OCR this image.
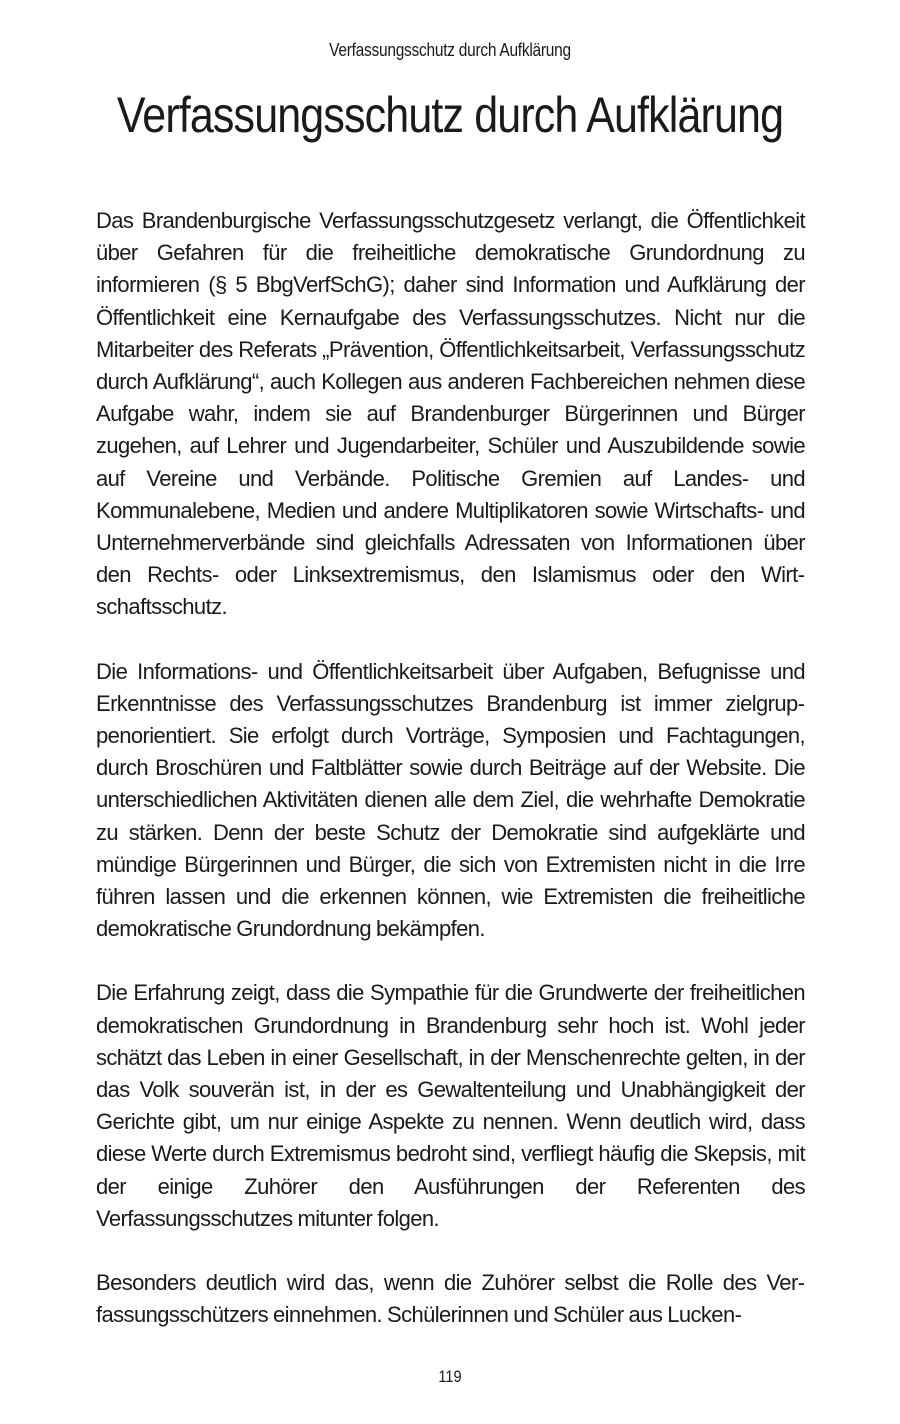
Verfassungsschutz durch Aufklärung
Verfassungsschutz durch Aufklärung

Das Brandenburgische Verfassungsschutzgesetz verlangt, die Öffentlichkeit über Gefahren für die freiheitliche demokratische Grundordnung zu informieren (§ 5 BbgVerfSchG); daher sind Information und Aufklärung der Öffentlichkeit eine Kernaufgabe des Verfassungsschutzes. Nicht nur die Mitarbeiter des Referats „Prävention, Öffentlichkeitsarbeit, Verfassungsschutz durch Aufklärung“, auch Kollegen aus anderen Fachbereichen nehmen diese Aufgabe wahr, indem sie auf Brandenburger Bürgerinnen und Bürger zugehen, auf Lehrer und Jugendarbeiter, Schüler und Auszubildende sowie auf Vereine und Verbände. Politische Gremien auf Landes- und Kommunalebene, Medien und andere Multiplikatoren sowie Wirtschafts- und Unternehmerverbände sind gleichfalls Adressaten von Informationen über den Rechts- oder Linksextremismus, den Islamismus oder den Wirtschaftsschutz.

Die Informations- und Öffentlichkeitsarbeit über Aufgaben, Befugnisse und Erkenntnisse des Verfassungsschutzes Brandenburg ist immer zielgruppenorientiert. Sie erfolgt durch Vorträge, Symposien und Fachtagungen, durch Broschüren und Faltblätter sowie durch Beiträge auf der Website. Die unterschiedlichen Aktivitäten dienen alle dem Ziel, die wehrhafte Demokratie zu stärken. Denn der beste Schutz der Demokratie sind aufgeklärte und mündige Bürgerinnen und Bürger, die sich von Extremisten nicht in die Irre führen lassen und die erkennen können, wie Extremisten die freiheitliche demokratische Grundordnung bekämpfen.

Die Erfahrung zeigt, dass die Sympathie für die Grundwerte der freiheitlichen demokratischen Grundordnung in Brandenburg sehr hoch ist. Wohl jeder schätzt das Leben in einer Gesellschaft, in der Menschenrechte gelten, in der das Volk souverän ist, in der es Gewaltenteilung und Unabhängigkeit der Gerichte gibt, um nur einige Aspekte zu nennen. Wenn deutlich wird, dass diese Werte durch Extremismus bedroht sind, verfliegt häufig die Skepsis, mit der einige Zuhörer den Ausführungen der Referenten des Verfassungsschutzes mitunter folgen.

Besonders deutlich wird das, wenn die Zuhörer selbst die Rolle des Verfassungsschützers einnehmen. Schülerinnen und Schüler aus Lucken-

119
